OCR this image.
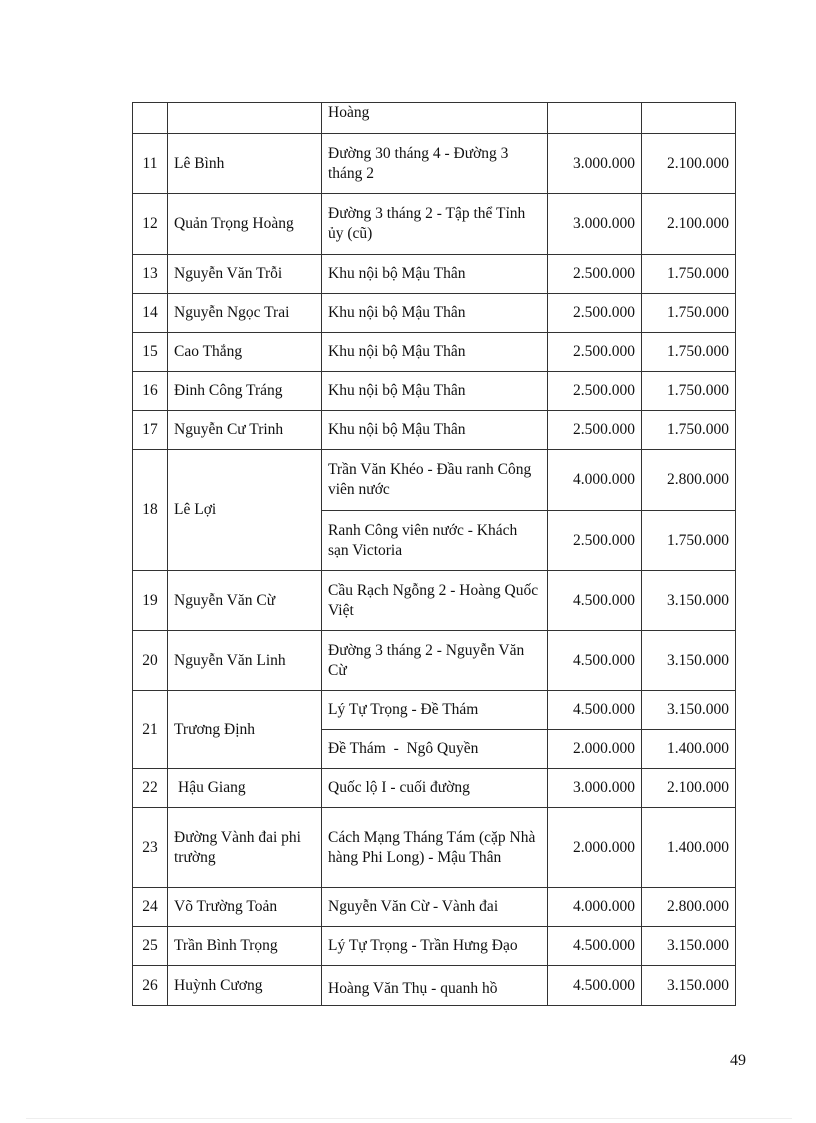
		Hoàng		
11	Lê Bình	Đường 30 tháng 4 - Đường 3 tháng 2	3.000.000	2.100.000
12	Quản Trọng Hoàng	Đường 3 tháng 2 - Tập thể Tỉnh ủy (cũ)	3.000.000	2.100.000
13	Nguyễn Văn Trỗi	Khu nội bộ Mậu Thân	2.500.000	1.750.000
14	Nguyễn Ngọc Trai	Khu nội bộ Mậu Thân	2.500.000	1.750.000
15	Cao Thắng	Khu nội bộ Mậu Thân	2.500.000	1.750.000
16	Đinh Công Tráng	Khu nội bộ Mậu Thân	2.500.000	1.750.000
17	Nguyễn Cư Trinh	Khu nội bộ Mậu Thân	2.500.000	1.750.000
18	Lê Lợi	Trần Văn Khéo - Đầu ranh Công viên nước	4.000.000	2.800.000
		Ranh Công viên nước - Khách sạn Victoria	2.500.000	1.750.000
19	Nguyễn Văn Cừ	Cầu Rạch Ngỗng 2 - Hoàng Quốc Việt	4.500.000	3.150.000
20	Nguyễn Văn Linh	Đường 3 tháng 2 - Nguyễn Văn Cừ	4.500.000	3.150.000
21	Trương Định	Lý Tự Trọng - Đề Thám	4.500.000	3.150.000
		Đề Thám  -  Ngô Quyền	2.000.000	1.400.000
22	Hậu Giang	Quốc lộ I - cuối đường	3.000.000	2.100.000
23	Đường Vành đai phi trường	Cách Mạng Tháng Tám (cặp Nhà hàng Phi Long) - Mậu Thân	2.000.000	1.400.000
24	Võ Trường Toản	Nguyễn Văn Cừ - Vành đai	4.000.000	2.800.000
25	Trần Bình Trọng	Lý Tự Trọng - Trần Hưng Đạo	4.500.000	3.150.000
26	Huỳnh Cương	Hoàng Văn Thụ - quanh hồ	4.500.000	3.150.000
49
